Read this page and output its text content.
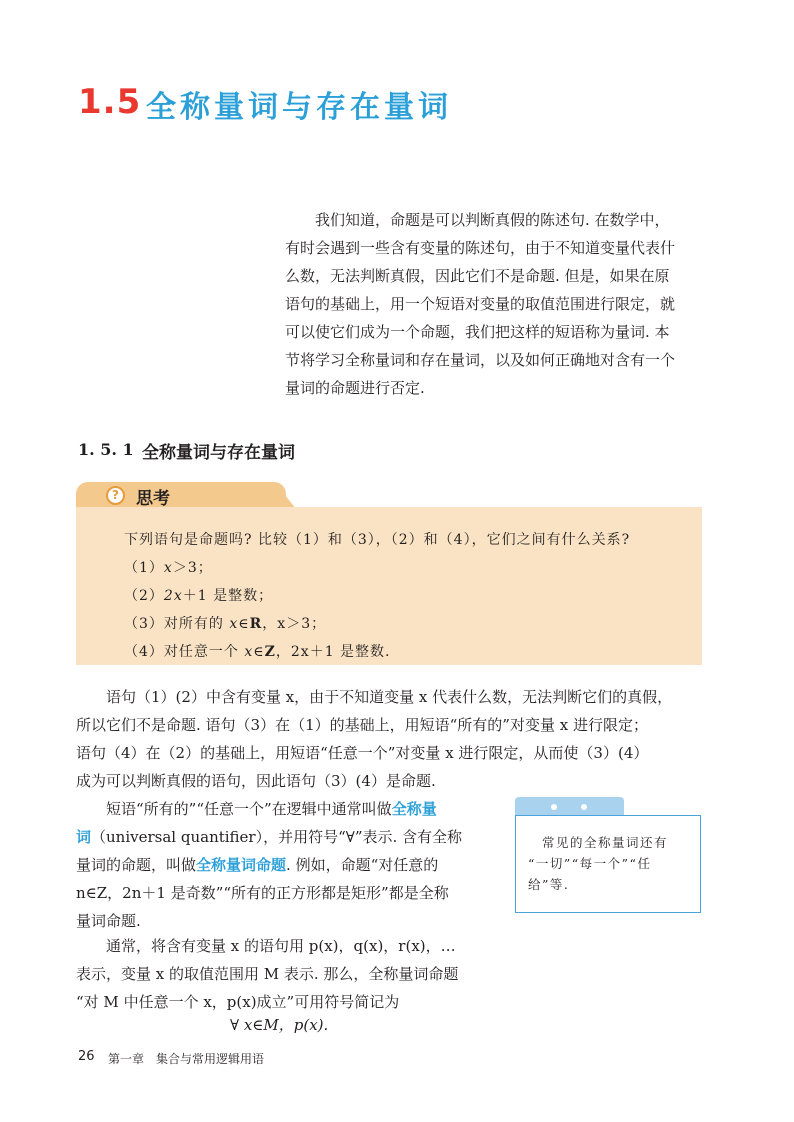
1.5 全称量词与存在量词

　　我们知道，命题是可以判断真假的陈述句. 在数学中，
有时会遇到一些含有变量的陈述句，由于不知道变量代表什
么数，无法判断真假，因此它们不是命题. 但是，如果在原
语句的基础上，用一个短语对变量的取值范围进行限定，就
可以使它们成为一个命题，我们把这样的短语称为量词. 本
节将学习全称量词和存在量词，以及如何正确地对含有一个
量词的命题进行否定.

1. 5. 1 全称量词与存在量词
?	思考
下列语句是命题吗? 比较（1）和（3），（2）和（4），它们之间有什么关系?
（1）x＞3；
（2）2x＋1 是整数；
（3）对所有的 x∈R，x＞3；
（4）对任意一个 x∈Z，2x＋1 是整数.

　　语句（1）(2）中含有变量 x，由于不知道变量 x 代表什么数，无法判断它们的真假，
所以它们不是命题. 语句（3）在（1）的基础上，用短语“所有的”对变量 x 进行限定；
语句（4）在（2）的基础上，用短语“任意一个”对变量 x 进行限定，从而使（3）(4）
成为可以判断真假的语句，因此语句（3）(4）是命题.

　　短语“所有的”“任意一个”在逻辑中通常叫做全称量
词（universal quantifier），并用符号“∀”表示. 含有全称
量词的命题，叫做全称量词命题. 例如，命题“对任意的
n∈Z，2n＋1 是奇数”“所有的正方形都是矩形”都是全称
量词命题.

　　通常，将含有变量 x 的语句用 p(x)，q(x)，r(x)，…
表示，变量 x 的取值范围用 M 表示. 那么，全称量词命题
“对 M 中任意一个 x，p(x)成立”可用符号简记为

∀ x∈M，p(x).

　常见的全称量词还有
“一切”“每一个”“任
给”等.

26 第一章　集合与常用逻辑用语
